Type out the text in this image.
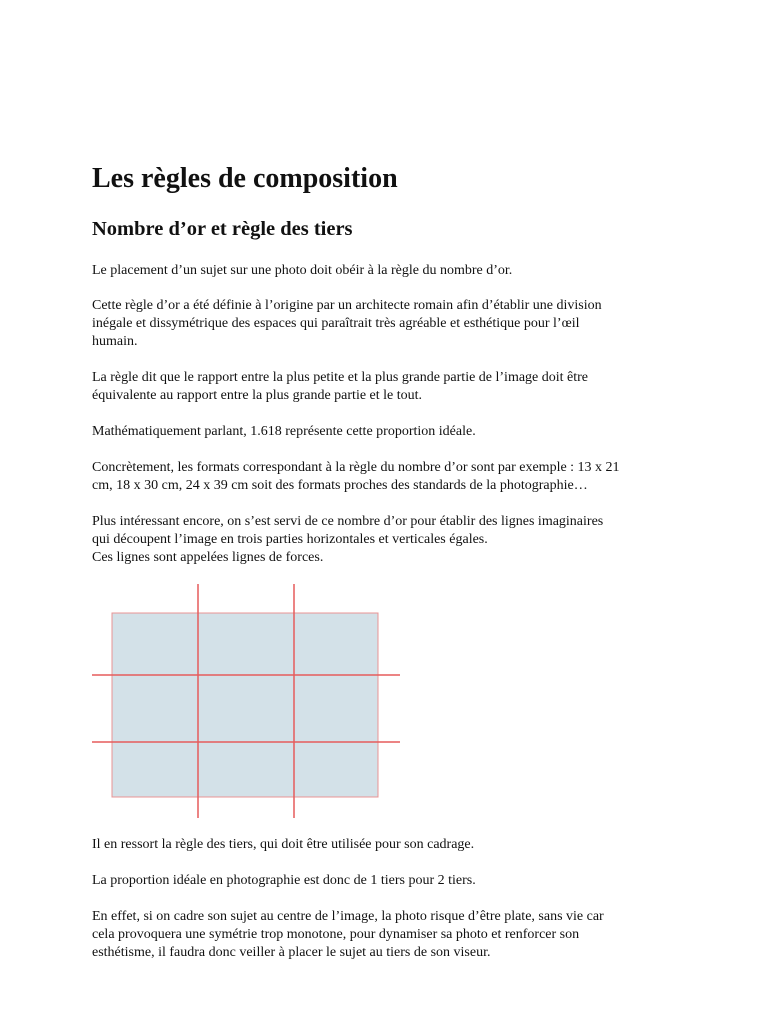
Les règles de composition
Nombre d’or et règle des tiers
Le placement d’un sujet sur une photo doit obéir à la règle du nombre d’or.
Cette règle d’or a été définie à l’origine par un architecte romain afin d’établir une division
inégale et dissymétrique des espaces qui paraîtrait très agréable et esthétique pour l’œil
humain.
La règle dit que le rapport entre la plus petite et la plus grande partie de l’image doit être
équivalente au rapport entre la plus grande partie et le tout.
Mathématiquement parlant, 1.618 représente cette proportion idéale.
Concrètement, les formats correspondant à la règle du nombre d’or sont par exemple : 13 x 21
cm, 18 x 30 cm, 24 x 39 cm soit des formats proches des standards de la photographie…
Plus intéressant encore, on s’est servi de ce nombre d’or pour établir des lignes imaginaires
qui découpent l’image en trois parties horizontales et verticales égales.
Ces lignes sont appelées lignes de forces.
Il en ressort la règle des tiers, qui doit être utilisée pour son cadrage.
La proportion idéale en photographie est donc de 1 tiers pour 2 tiers.
En effet, si on cadre son sujet au centre de l’image, la photo risque d’être plate, sans vie car
cela provoquera une symétrie trop monotone, pour dynamiser sa photo et renforcer son
esthétisme, il faudra donc veiller à placer le sujet au tiers de son viseur.
